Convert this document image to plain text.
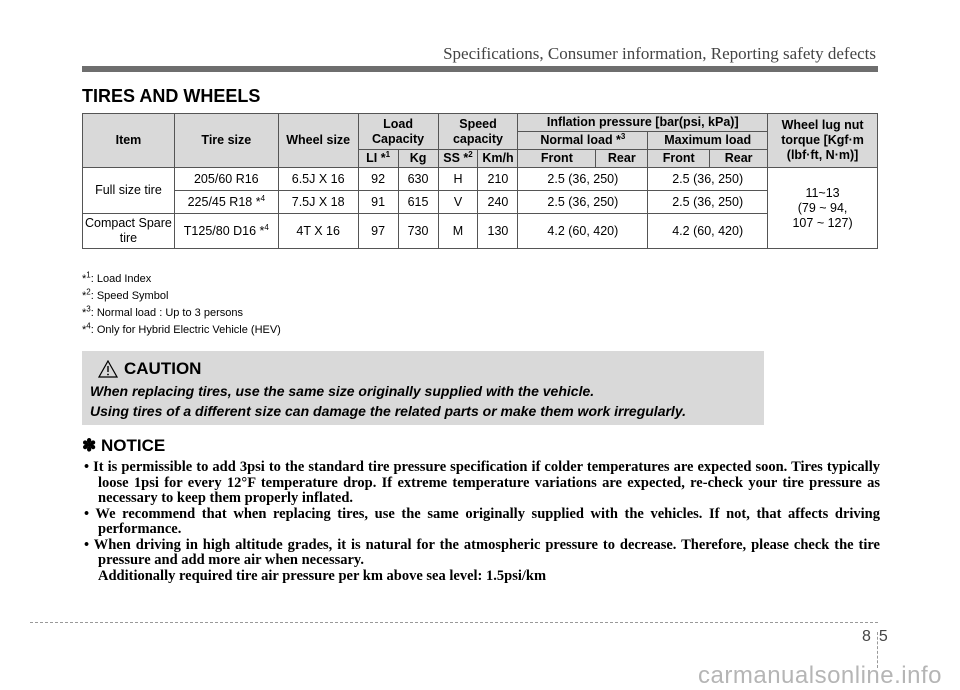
Specifications, Consumer information, Reporting safety defects
TIRES AND WHEELS
Item	Tire size	Wheel size	Load Capacity		Speed capacity		Inflation pressure [bar(psi, kPa)]				Wheel lug nut torque [Kgf·m (lbf·ft, N·m)]
							Normal load *$^3$		Maximum load		
			LI *$^1$	Kg	SS *$^2$	Km/h	Front	Rear	Front	Rear	
Full size tire	205/60 R16	6.5J X 16	92	630	H	210	2.5 (36, 250)		2.5 (36, 250)		11~13
(79 ~ 94,
107 ~ 127)

	225/45 R18 *$^4$	7.5J X 18	91	615	V	240	2.5 (36, 250)		2.5 (36, 250)		
Compact Spare tire	T125/80 D16 *$^4$	4T X 16	97	730	M	130	4.2 (60, 420)		4.2 (60, 420)		
*$^1$: Load Index
*$^2$: Speed Symbol
*$^3$: Normal load : Up to 3 persons
*$^4$: Only for Hybrid Electric Vehicle (HEV)
CAUTION
When replacing tires, use the same size originally supplied with the vehicle.
Using tires of a different size can damage the related parts or make them work irregularly.
✽ NOTICE

• It is permissible to add 3psi to the standard tire pressure specification if colder temperatures are expected soon. Tires typically loose 1psi for every 12°F temperature drop. If extreme temperature variations are expected, re-check your tire pressure as necessary to keep them properly inflated.

• We recommend that when replacing tires, use the same originally supplied with the vehicles. If not, that affects driving performance.

• When driving in high altitude grades, it is natural for the atmospheric pressure to decrease. Therefore, please check the tire pressure and add more air when necessary.

Additionally required tire air pressure per km above sea level: 1.5psi/km

8 5
carmanualsonline.info
